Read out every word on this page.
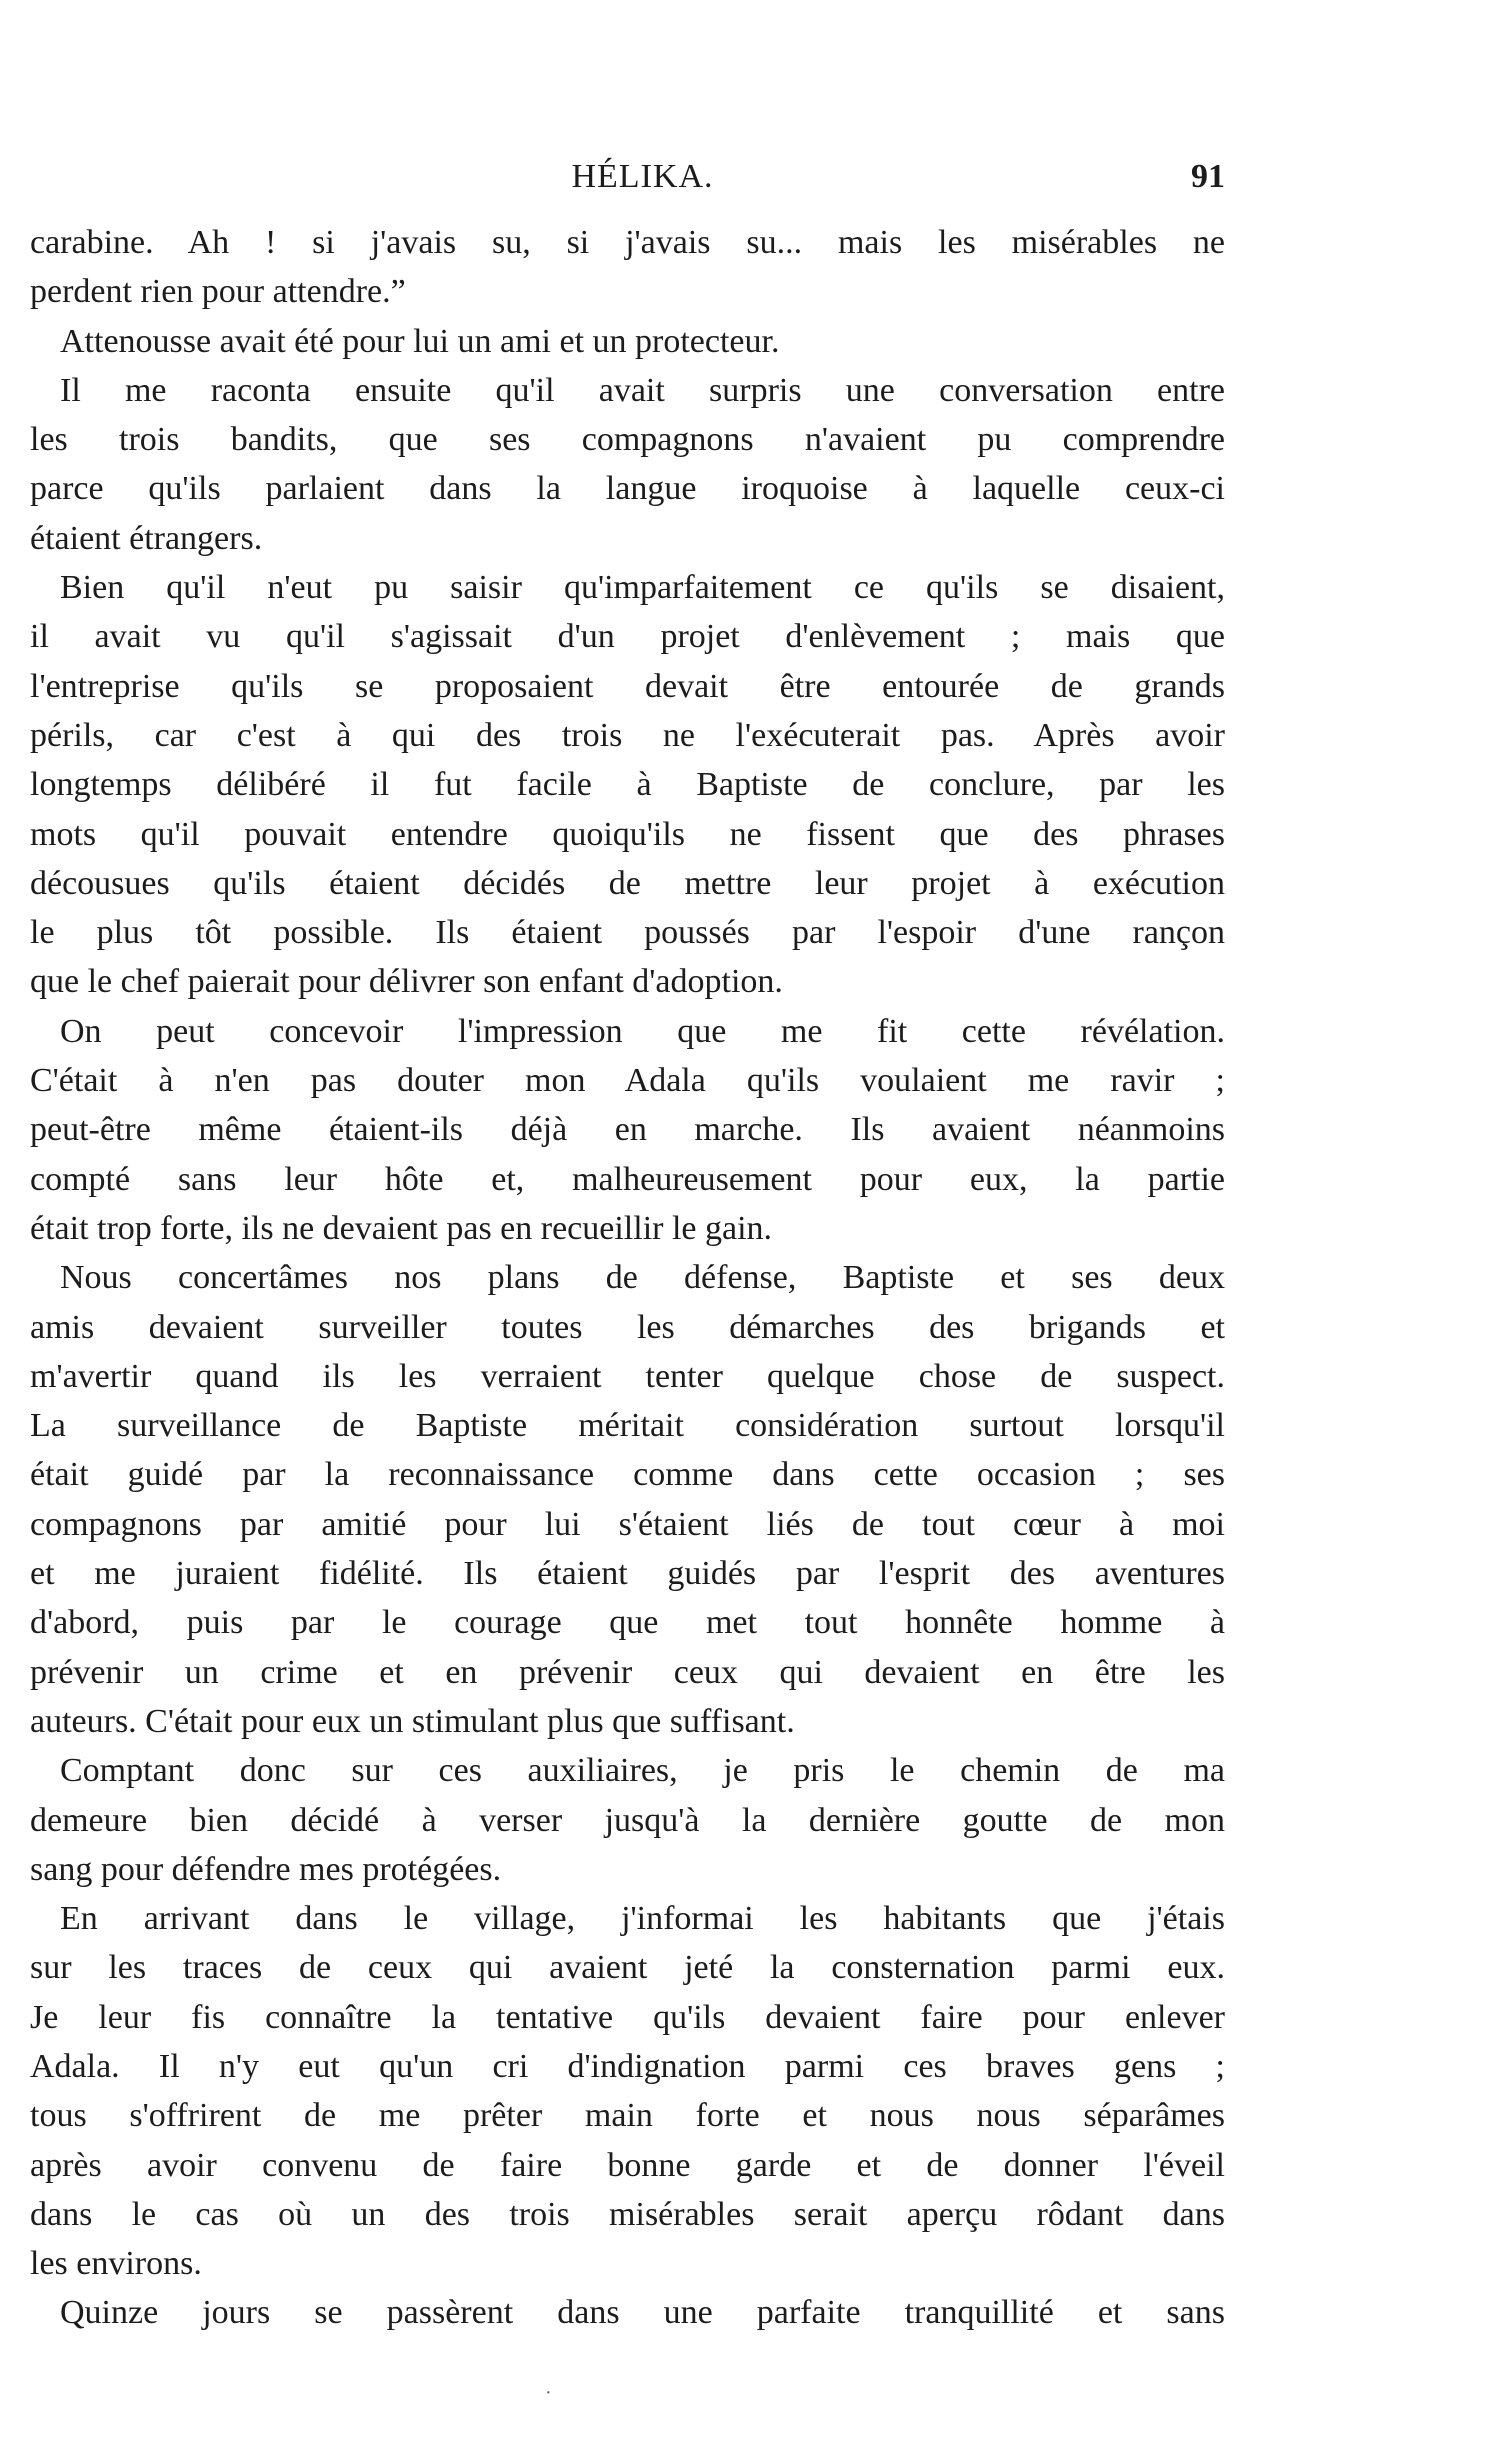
HÉLIKA.	91
carabine. Ah ! si j'avais su, si j'avais su... mais les misérables ne
perdent rien pour attendre.”
Attenousse avait été pour lui un ami et un protecteur.
Il me raconta ensuite qu'il avait surpris une conversation entre
les trois bandits, que ses compagnons n'avaient pu comprendre
parce qu'ils parlaient dans la langue iroquoise à laquelle ceux-ci
étaient étrangers.
Bien qu'il n'eut pu saisir qu'imparfaitement ce qu'ils se disaient,
il avait vu qu'il s'agissait d'un projet d'enlèvement ; mais que
l'entreprise qu'ils se proposaient devait être entourée de grands
périls, car c'est à qui des trois ne l'exécuterait pas. Après avoir
longtemps délibéré il fut facile à Baptiste de conclure, par les
mots qu'il pouvait entendre quoiqu'ils ne fissent que des phrases
décousues qu'ils étaient décidés de mettre leur projet à exécution
le plus tôt possible. Ils étaient poussés par l'espoir d'une rançon
que le chef paierait pour délivrer son enfant d'adoption.
On peut concevoir l'impression que me fit cette révélation.
C'était à n'en pas douter mon Adala qu'ils voulaient me ravir ;
peut-être même étaient-ils déjà en marche. Ils avaient néanmoins
compté sans leur hôte et, malheureusement pour eux, la partie
était trop forte, ils ne devaient pas en recueillir le gain.
Nous concertâmes nos plans de défense, Baptiste et ses deux
amis devaient surveiller toutes les démarches des brigands et
m'avertir quand ils les verraient tenter quelque chose de suspect.
La surveillance de Baptiste méritait considération surtout lorsqu'il
était guidé par la reconnaissance comme dans cette occasion ; ses
compagnons par amitié pour lui s'étaient liés de tout cœur à moi
et me juraient fidélité. Ils étaient guidés par l'esprit des aventures
d'abord, puis par le courage que met tout honnête homme à
prévenir un crime et en prévenir ceux qui devaient en être les
auteurs. C'était pour eux un stimulant plus que suffisant.
Comptant donc sur ces auxiliaires, je pris le chemin de ma
demeure bien décidé à verser jusqu'à la dernière goutte de mon
sang pour défendre mes protégées.
En arrivant dans le village, j'informai les habitants que j'étais
sur les traces de ceux qui avaient jeté la consternation parmi eux.
Je leur fis connaître la tentative qu'ils devaient faire pour enlever
Adala. Il n'y eut qu'un cri d'indignation parmi ces braves gens ;
tous s'offrirent de me prêter main forte et nous nous séparâmes
après avoir convenu de faire bonne garde et de donner l'éveil
dans le cas où un des trois misérables serait aperçu rôdant dans
les environs.
Quinze jours se passèrent dans une parfaite tranquillité et sans
·
